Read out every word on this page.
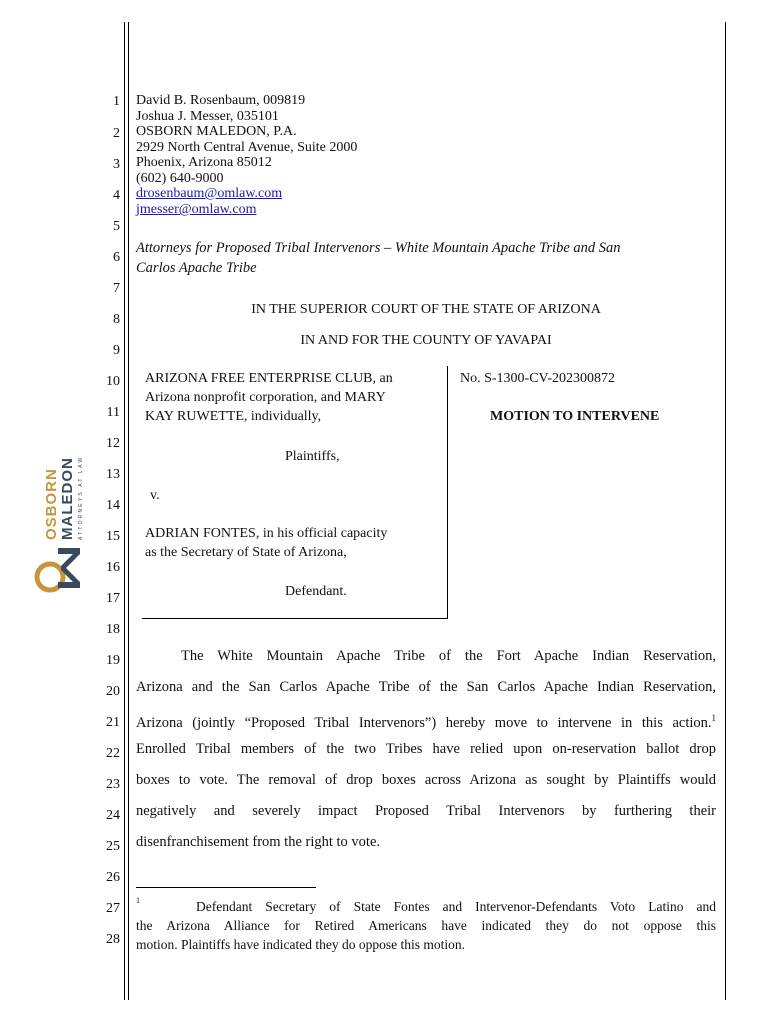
1
2
3
4
5
6
7
8
9
10
11
12
13
14
15
16
17
18
19
20
21
22
23
24
25
26
27
28
OSBORN MALEDON ATTORNEYS AT LAW
David B. Rosenbaum, 009819
Joshua J. Messer, 035101
OSBORN MALEDON, P.A.
2929 North Central Avenue, Suite 2000
Phoenix, Arizona 85012
(602) 640-9000
drosenbaum@omlaw.com
jmesser@omlaw.com
Attorneys for Proposed Tribal Intervenors – White Mountain Apache Tribe and San
Carlos Apache Tribe
IN THE SUPERIOR COURT OF THE STATE OF ARIZONA
IN AND FOR THE COUNTY OF YAVAPAI
ARIZONA FREE ENTERPRISE CLUB, an
Arizona nonprofit corporation, and MARY
KAY RUWETTE, individually,
Plaintiffs,
v.
ADRIAN FONTES, in his official capacity
as the Secretary of State of Arizona,
Defendant.
No. S-1300-CV-202300872
MOTION TO INTERVENE
The White Mountain Apache Tribe of the Fort Apache Indian Reservation,
Arizona and the San Carlos Apache Tribe of the San Carlos Apache Indian Reservation,
Arizona (jointly “Proposed Tribal Intervenors”) hereby move to intervene in this action.$^1$
Enrolled Tribal members of the two Tribes have relied upon on-reservation ballot drop
boxes to vote. The removal of drop boxes across Arizona as sought by Plaintiffs would
negatively and severely impact Proposed Tribal Intervenors by furthering their
disenfranchisement from the right to vote.
1	Defendant Secretary of State Fontes and Intervenor-Defendants Voto Latino and
the Arizona Alliance for Retired Americans have indicated they do not oppose this
motion. Plaintiffs have indicated they do oppose this motion.
